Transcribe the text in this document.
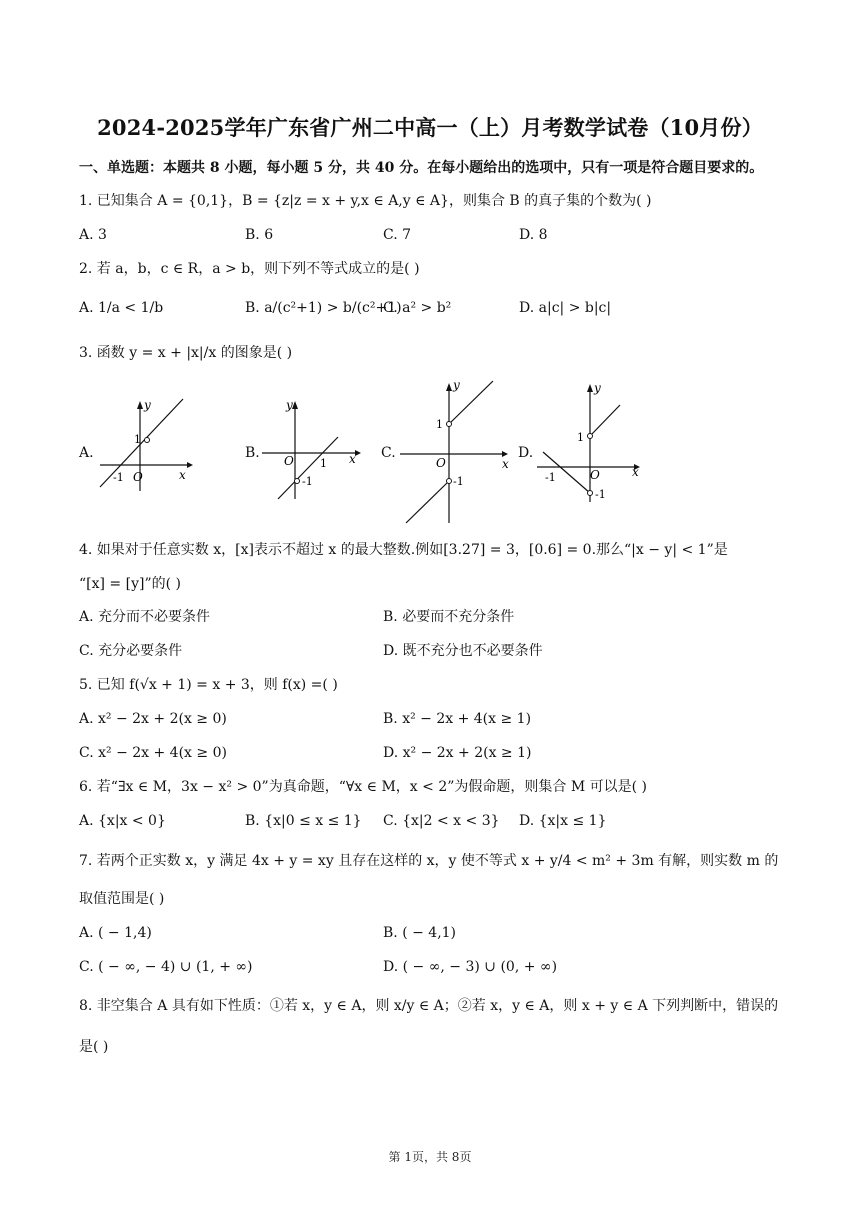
2024-2025学年广东省广州二中高一（上）月考数学试卷（10月份）
一、单选题：本题共 8 小题，每小题 5 分，共 40 分。在每小题给出的选项中，只有一项是符合题目要求的。
1. 已知集合 A = {0,1}，B = {z|z = x + y,x ∈ A,y ∈ A}，则集合 B 的真子集的个数为( )
A. 3	B. 6	C. 7	D. 8
2. 若 a，b，c ∈ R，a > b，则下列不等式成立的是( )
A. 1/a < 1/b	B. a/(c²+1) > b/(c²+1)
C. a² > b²	D. a|c| > b|c|
3. 函数 y = x + |x|/x 的图象是( )
A.	B.	C.	D.
y
x
O
1
-1
y
x
O 1
-1
y
x
O
1
-1
y
x
O
1
-1
-1
4. 如果对于任意实数 x，[x]表示不超过 x 的最大整数.例如[3.27] = 3，[0.6] = 0.那么“|x − y| < 1”是
“[x] = [y]”的( )
A. 充分而不必要条件	B. 必要而不充分条件
C. 充分必要条件	D. 既不充分也不必要条件
5. 已知 f(√x + 1) = x + 3，则 f(x) =( )
A. x² − 2x + 2(x ≥ 0)	B. x² − 2x + 4(x ≥ 1)
C. x² − 2x + 4(x ≥ 0)	D. x² − 2x + 2(x ≥ 1)
6. 若“∃x ∈ M，3x − x² > 0”为真命题，“∀x ∈ M，x < 2”为假命题，则集合 M 可以是( )
A. {x|x < 0}	B. {x|0 ≤ x ≤ 1} C. {x|2 < x < 3} D. {x|x ≤ 1}
7. 若两个正实数 x，y 满足 4x + y = xy 且存在这样的 x，y 使不等式 x + y/4 < m² + 3m 有解，则实数 m 的
取值范围是( )
A. ( − 1,4)	B. ( − 4,1)
C. ( − ∞, − 4) ∪ (1, + ∞)	D. ( − ∞, − 3) ∪ (0, + ∞)
8. 非空集合 A 具有如下性质：①若 x，y ∈ A，则 x/y ∈ A；②若 x，y ∈ A，则 x + y ∈ A 下列判断中，错误的
是( )
第 1页，共 8页
